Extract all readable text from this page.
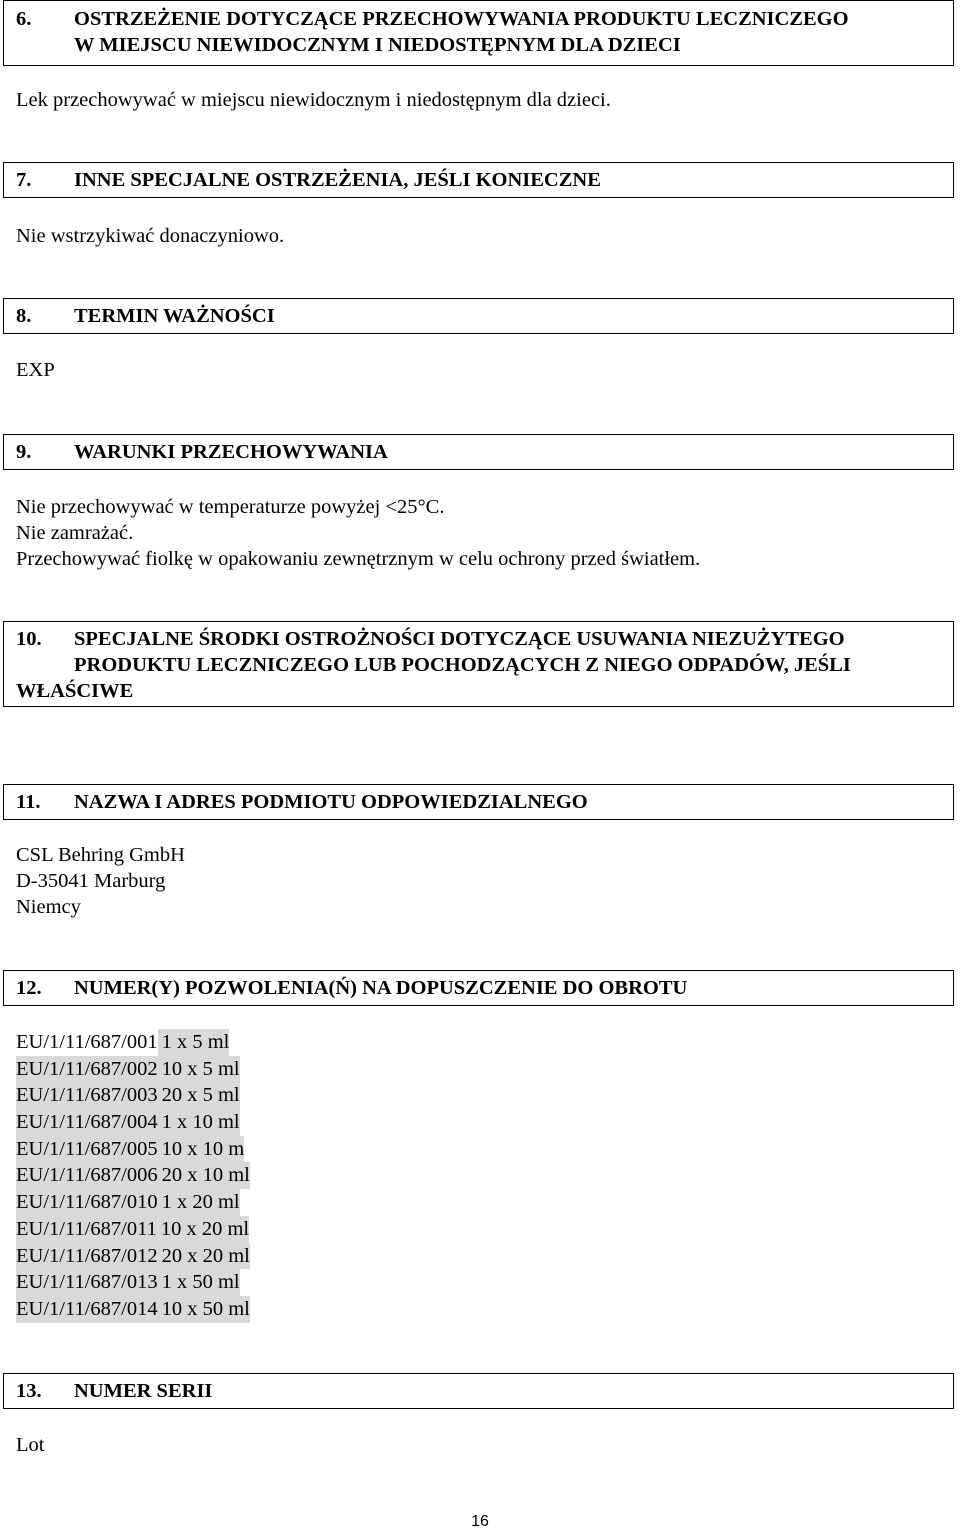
6. OSTRZEŻENIE DOTYCZĄCE PRZECHOWYWANIA PRODUKTU LECZNICZEGO
W MIEJSCU NIEWIDOCZNYM I NIEDOSTĘPNYM DLA DZIECI
Lek przechowywać w miejscu niewidocznym i niedostępnym dla dzieci.
7. INNE SPECJALNE OSTRZEŻENIA, JEŚLI KONIECZNE
Nie wstrzykiwać donaczyniowo.
8. TERMIN WAŻNOŚCI
EXP
9. WARUNKI PRZECHOWYWANIA
Nie przechowywać w temperaturze powyżej <25°C.
Nie zamrażać.
Przechowywać fiolkę w opakowaniu zewnętrznym w celu ochrony przed światłem.
10. SPECJALNE ŚRODKI OSTROŻNOŚCI DOTYCZĄCE USUWANIA NIEZUŻYTEGO
PRODUKTU LECZNICZEGO LUB POCHODZĄCYCH Z NIEGO ODPADÓW, JEŚLI
WŁAŚCIWE
11. NAZWA I ADRES PODMIOTU ODPOWIEDZIALNEGO
CSL Behring GmbH
D-35041 Marburg
Niemcy
12. NUMER(Y) POZWOLENIA(Ń) NA DOPUSZCZENIE DO OBROTU
EU/1/11/687/001 1 x 5 ml
EU/1/11/687/002 10 x 5 ml
EU/1/11/687/003 20 x 5 ml
EU/1/11/687/004 1 x 10 ml
EU/1/11/687/005 10 x 10 m
EU/1/11/687/006 20 x 10 ml
EU/1/11/687/010 1 x 20 ml
EU/1/11/687/011 10 x 20 ml
EU/1/11/687/012 20 x 20 ml
EU/1/11/687/013 1 x 50 ml
EU/1/11/687/014 10 x 50 ml
13. NUMER SERII
Lot
16
